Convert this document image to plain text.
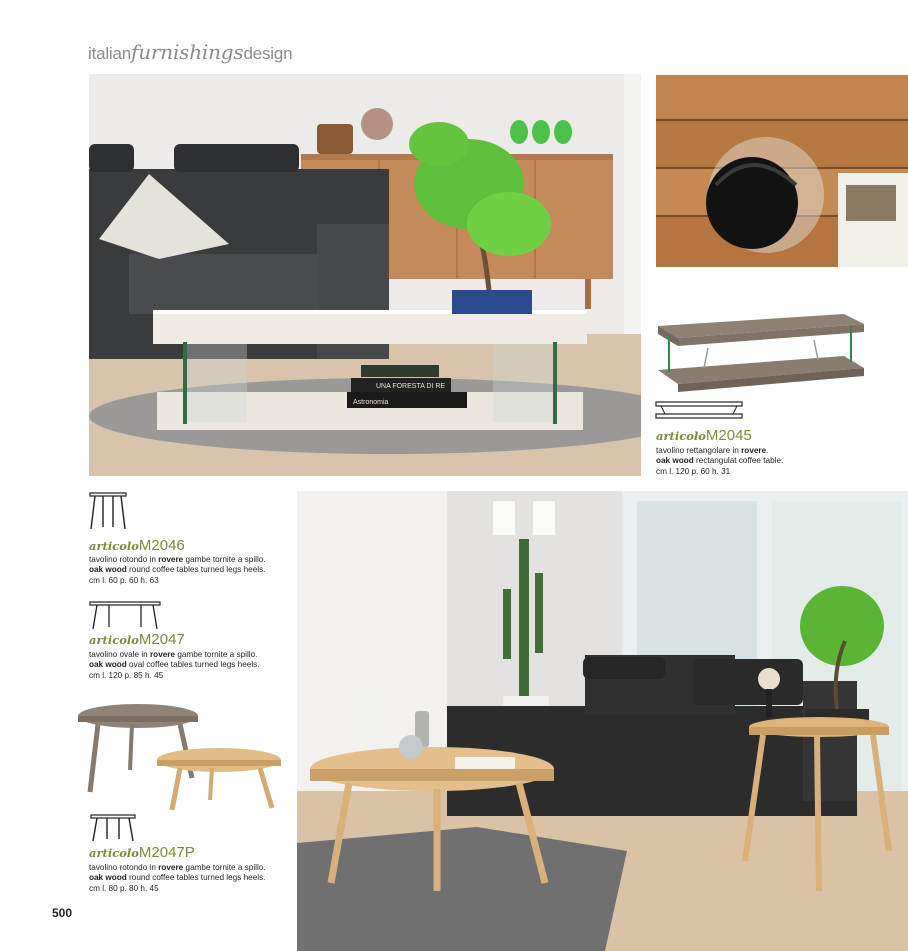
italianfurnishingsdesign
UNA FORESTA DI RE
Astronomia
articoloM2045
tavolino rettangolare in rovere.
oak wood rectangulat coffee table.
cm l. 120 p. 60 h. 31
articoloM2046
tavolino rotondo in rovere gambe tornite a spillo.
oak wood round coffee tables turned legs heels.
cm l. 60 p. 60 h. 63
articoloM2047
tavolino ovale in rovere gambe tornite a spillo.
oak wood oval coffee tables turned legs heels.
cm l. 120 p. 85 h. 45
articoloM2047P
tavolino rotondo in rovere gambe tornite a spillo.
oak wood round coffee tables turned legs heels.
cm l. 80 p. 80 h. 45
500
